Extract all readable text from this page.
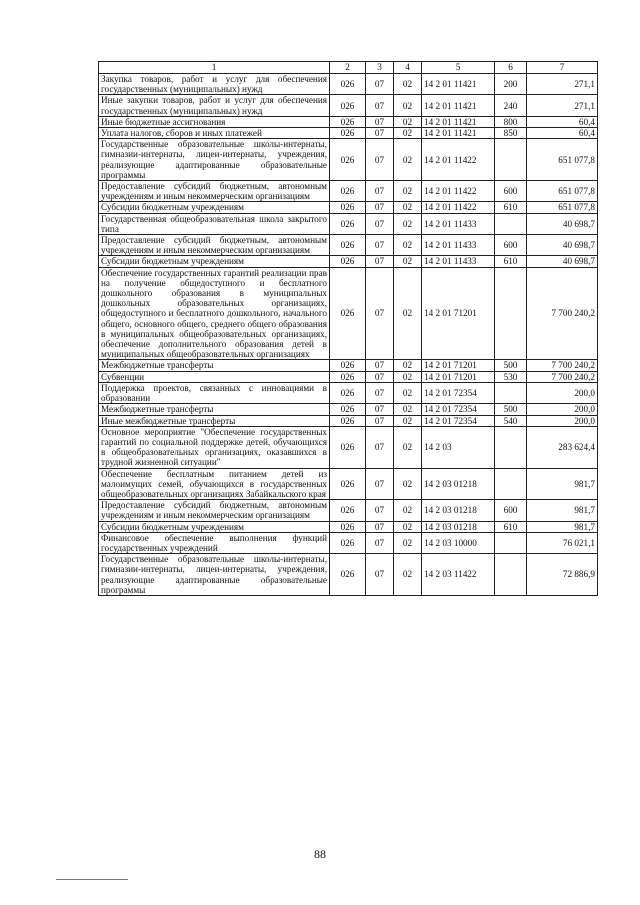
1	2	3	4	5	6	7
Закупка товаров, работ и услуг для обеспечения государственных (муниципальных) нужд	026	07	02	14 2 01 11421	200	271,1
Иные закупки товаров, работ и услуг для обеспечения государственных (муниципальных) нужд	026	07	02	14 2 01 11421	240	271,1
Иные бюджетные ассигнования	026	07	02	14 2 01 11421	800	60,4
Уплата налогов, сборов и иных платежей	026	07	02	14 2 01 11421	850	60,4
Государственные образовательные школы-интернаты, гимназии-интернаты, лицеи-интернаты, учреждения, реализующие адаптированные образовательные программы	026	07	02	14 2 01 11422		651 077,8
Предоставление субсидий бюджетным, автономным учреждениям и иным некоммерческим организациям	026	07	02	14 2 01 11422	600	651 077,8
Субсидии бюджетным учреждениям	026	07	02	14 2 01 11422	610	651 077,8
Государственная общеобразовательная школа закрытого типа	026	07	02	14 2 01 11433		40 698,7
Предоставление субсидий бюджетным, автономным учреждениям и иным некоммерческим организациям	026	07	02	14 2 01 11433	600	40 698,7
Субсидии бюджетным учреждениям	026	07	02	14 2 01 11433	610	40 698,7
Обеспечение государственных гарантий реализации прав на получение общедоступного и бесплатного дошкольного образования в муниципальных дошкольных образовательных организациях, общедоступного и бесплатного дошкольного, начального общего, основного общего, среднего общего образования в муниципальных общеобразовательных организациях, обеспечение дополнительного образования детей в муниципальных общеобразовательных организациях	026	07	02	14 2 01 71201		7 700 240,2
Межбюджетные трансферты	026	07	02	14 2 01 71201	500	7 700 240,2
Субвенции	026	07	02	14 2 01 71201	530	7 700 240,2
Поддержка проектов, связанных с инновациями в образовании	026	07	02	14 2 01 72354		200,0
Межбюджетные трансферты	026	07	02	14 2 01 72354	500	200,0
Иные межбюджетные трансферты	026	07	02	14 2 01 72354	540	200,0
Основное мероприятие "Обеспечение государственных гарантий по социальной поддержке детей, обучающихся в общеобразовательных организациях, оказавшихся в трудной жизненной ситуации"	026	07	02	14 2 03		283 624,4
Обеспечение бесплатным питанием детей из малоимущих семей, обучающихся в государственных общеобразовательных организациях Забайкальского края	026	07	02	14 2 03 01218		981,7
Предоставление субсидий бюджетным, автономным учреждениям и иным некоммерческим организациям	026	07	02	14 2 03 01218	600	981,7
Субсидии бюджетным учреждениям	026	07	02	14 2 03 01218	610	981,7
Финансовое обеспечение выполнения функций государственных учреждений	026	07	02	14 2 03 10000		76 021,1
Государственные образовательные школы-интернаты, гимназии-интернаты, лицеи-интернаты, учреждения, реализующие адаптированные образовательные программы	026	07	02	14 2 03 11422		72 886,9
88
